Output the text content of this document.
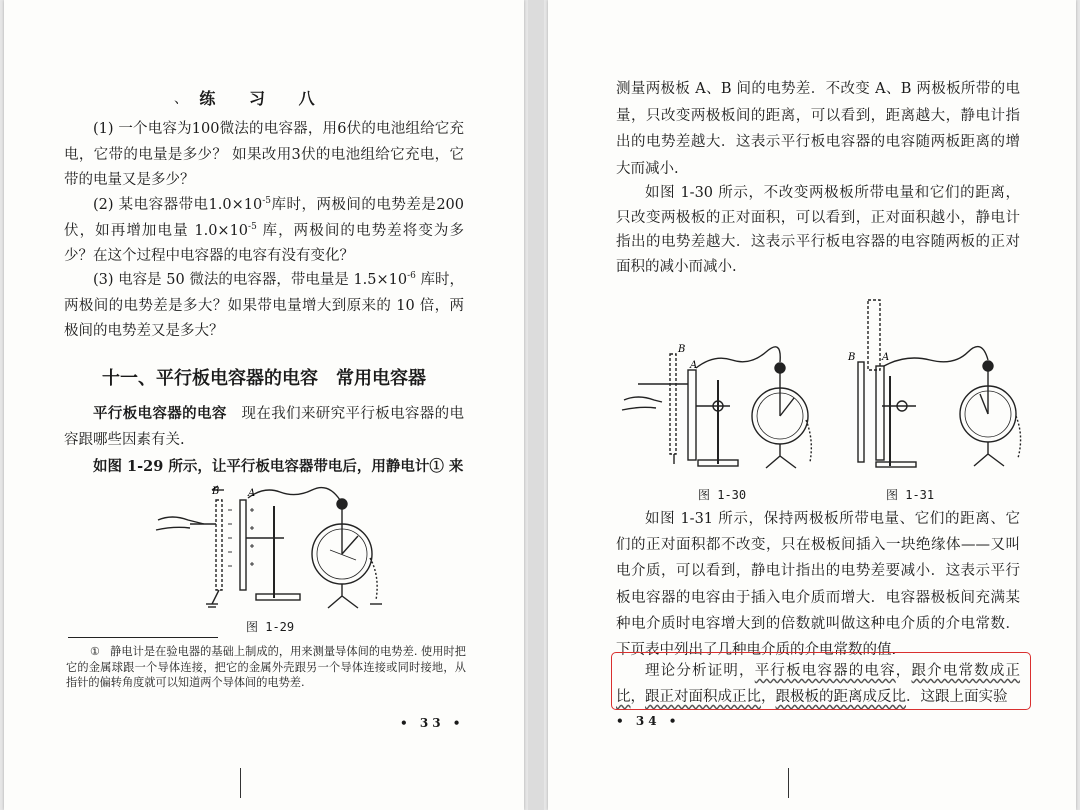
、 练 习 八

(1) 一个电容为100微法的电容器，用6伏的电池组给它充电，它带的电量是多少？ 如果改用3伏的电池组给它充电，它带的电量又是多少？

(2) 某电容器带电$1.0\times 10^{-5}$库时，两极间的电势差是200伏，如再增加电量 $1.0\times 10^{-5}$ 库，两极间的电势差将变为多少？在这个过程中电容器的电容有没有变化？

(3) 电容是 50 微法的电容器，带电量是 $1.5\times 10^{-6}$ 库时，两极间的电势差是多大？如果带电量增大到原来的 10 倍，两极间的电势差又是多大？

十一、平行板电容器的电容　常用电容器

平行板电容器的电容　现在我们来研究平行板电容器的电容跟哪些因素有关.

如图 1-29 所示，让平行板电容器带电后，用静电计① 来

B	A
图 1-29

① 静电计是在验电器的基础上制成的，用来测量导体间的电势差. 使用时把它的金属球跟一个导体连接，把它的金属外壳跟另一个导体连接或同时接地，从指针的偏转角度就可以知道两个导体间的电势差.

• 33 •

测量两极板 A、B 间的电势差．不改变 A、B 两极板所带的电量，只改变两极板间的距离，可以看到，距离越大，静电计指出的电势差越大．这表示平行板电容器的电容随两板距离的增大而减小.

如图 1-30 所示，不改变两极板所带电量和它们的距离，只改变两极板的正对面积，可以看到，正对面积越小，静电计指出的电势差越大．这表示平行板电容器的电容随两板的正对面积的减小而减小.

B
A
B	A
图 1-30	图 1-31

如图 1-31 所示，保持两极板所带电量、它们的距离、它们的正对面积都不改变，只在极板间插入一块绝缘体——又叫电介质，可以看到，静电计指出的电势差要减小．这表示平行板电容器的电容由于插入电介质而增大．电容器极板间充满某种电介质时电容增大到的倍数就叫做这种电介质的介电常数．下页表中列出了几种电介质的介电常数的值.

理论分析证明，平行板电容器的电容，跟介电常数成正比，跟正对面积成正比，跟极板的距离成反比．这跟上面实验

• 34 •
